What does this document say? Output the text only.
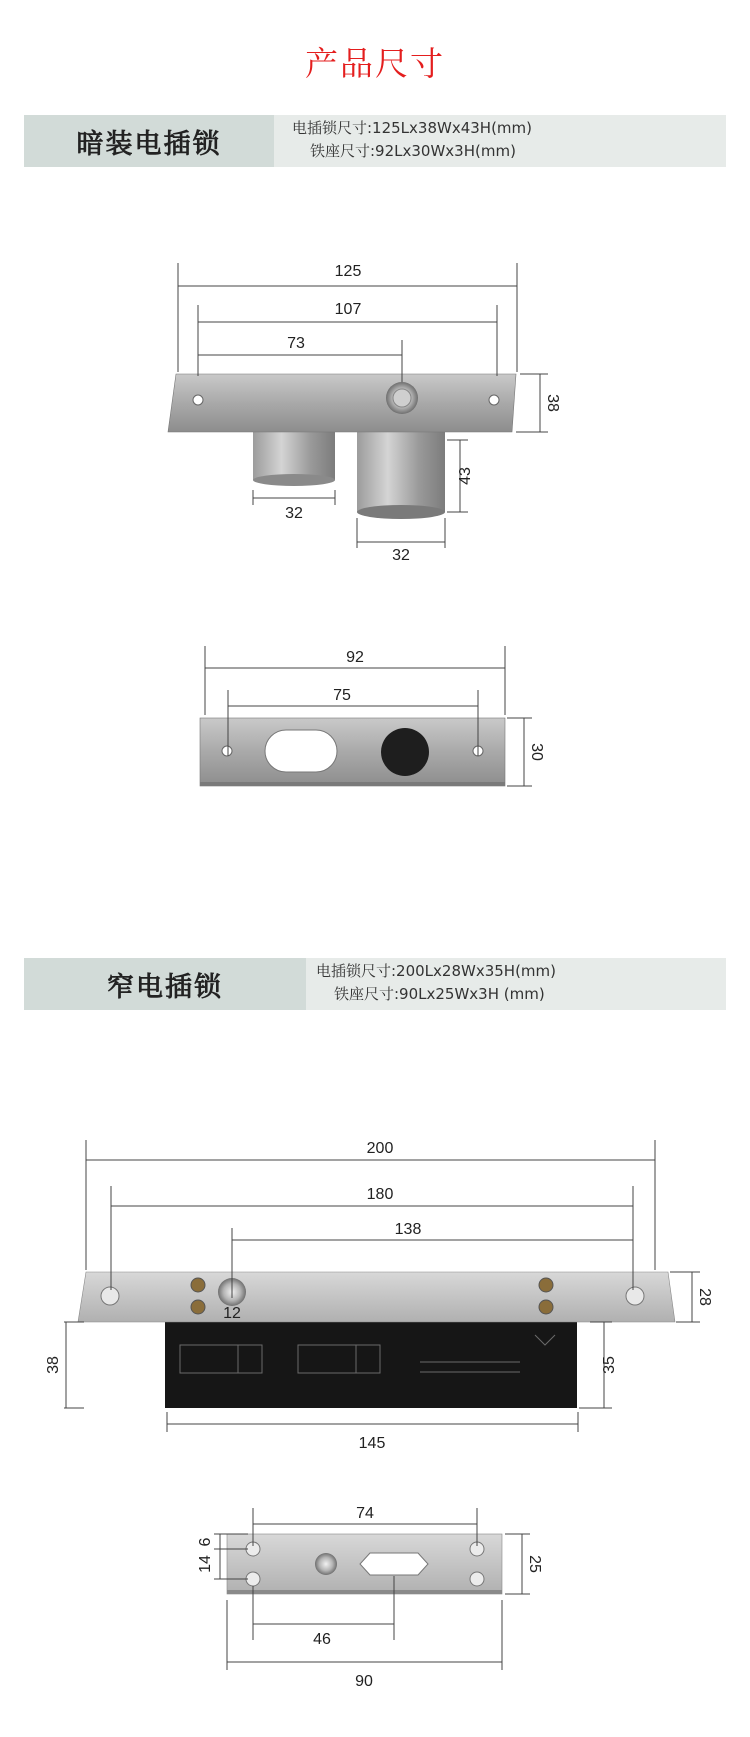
产品尺寸
暗装电插锁
电插锁尺寸:125Lx38Wx43H(mm)
铁座尺寸:92Lx30Wx3H(mm)
窄电插锁
电插锁尺寸:200Lx28Wx35H(mm)
铁座尺寸:90Lx25Wx3H (mm)
125
107
73
38
43
32
32
92
75
30
200
180
138
12
28
35
38
145
74
6
14	25
46
90
